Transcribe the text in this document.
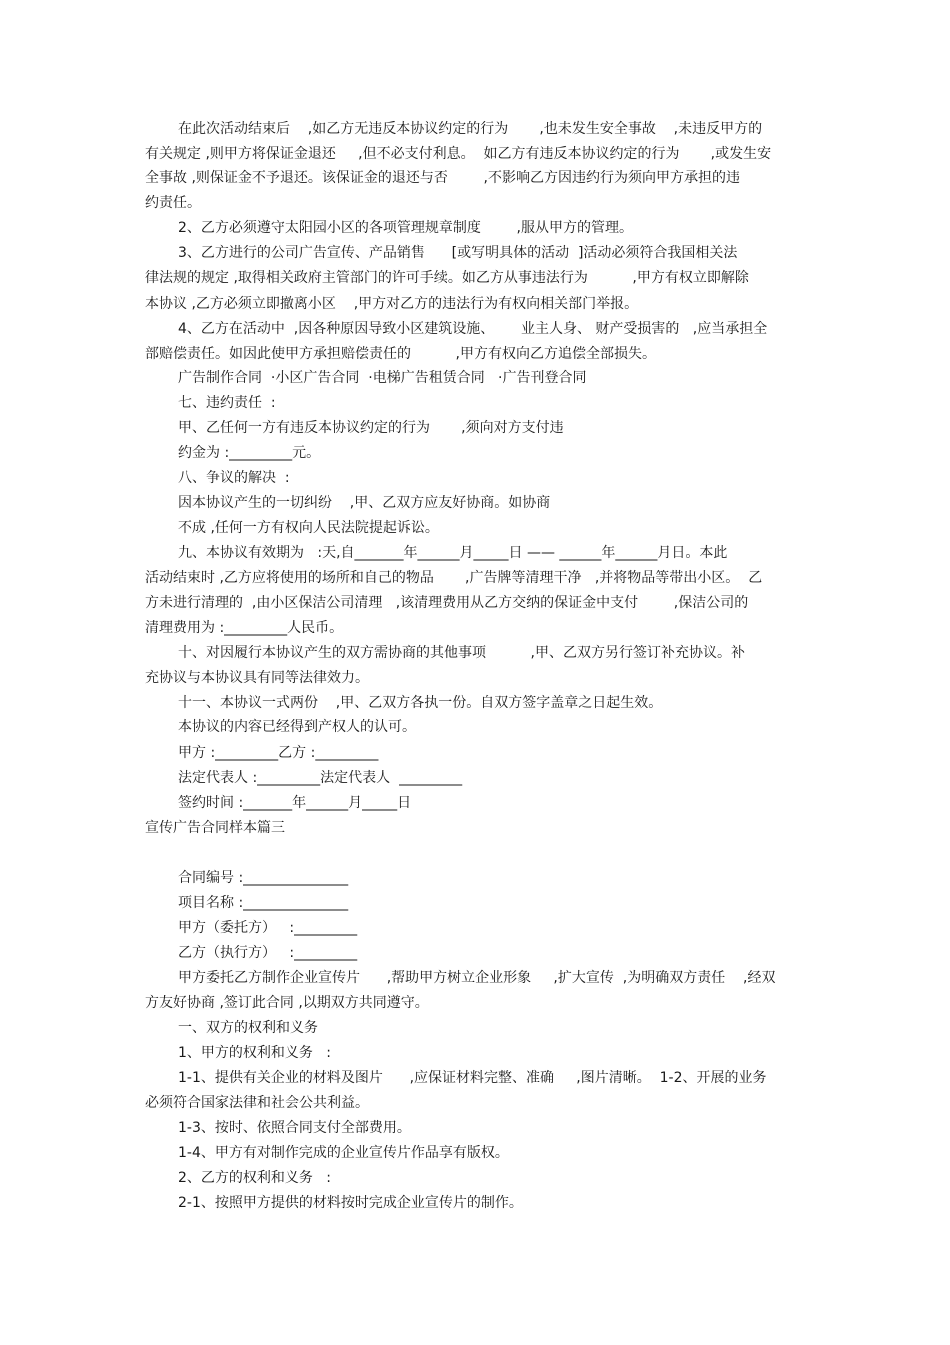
在此次活动结束后    ,如乙方无违反本协议约定的行为       ,也未发生安全事故    ,未违反甲方的

有关规定 ,则甲方将保证金退还     ,但不必支付利息。  如乙方有违反本协议约定的行为       ,或发生安

全事故 ,则保证金不予退还。该保证金的退还与否        ,不影响乙方因违约行为须向甲方承担的违

约责任。

2、乙方必须遵守太阳园小区的各项管理规章制度        ,服从甲方的管理。

3、乙方进行的公司广告宣传、产品销售      [或写明具体的活动  ]活动必须符合我国相关法

律法规的规定 ,取得相关政府主管部门的许可手续。如乙方从事违法行为          ,甲方有权立即解除

本协议 ,乙方必须立即撤离小区    ,甲方对乙方的违法行为有权向相关部门举报。

4、乙方在活动中  ,因各种原因导致小区建筑设施、      业主人身、 财产受损害的   ,应当承担全

部赔偿责任。如因此使甲方承担赔偿责任的          ,甲方有权向乙方追偿全部损失。

广告制作合同  ·小区广告合同  ·电梯广告租赁合同   ·广告刊登合同

七、违约责任  :

甲、乙任何一方有违反本协议约定的行为       ,须向对方支付违

约金为 :_________元。

八、争议的解决  :

因本协议产生的一切纠纷    ,甲、乙双方应友好协商。如协商

不成 ,任何一方有权向人民法院提起诉讼。

九、本协议有效期为   :天,自_______年______月_____日 —— ______年______月日。本此

活动结束时 ,乙方应将使用的场所和自己的物品       ,广告牌等清理干净   ,并将物品等带出小区。  乙

方未进行清理的  ,由小区保洁公司清理   ,该清理费用从乙方交纳的保证金中支付        ,保洁公司的

清理费用为 :_________人民币。

十、对因履行本协议产生的双方需协商的其他事项          ,甲、乙双方另行签订补充协议。补

充协议与本协议具有同等法律效力。

十一、本协议一式两份    ,甲、乙双方各执一份。自双方签字盖章之日起生效。

本协议的内容已经得到产权人的认可。

甲方 :_________乙方 :_________

法定代表人 :_________法定代表人  _________

签约时间 :_______年______月_____日

宣传广告合同样本篇三

合同编号 :_______________

项目名称 :_______________

甲方（委托方）   :_________

乙方（执行方）   :_________

甲方委托乙方制作企业宣传片      ,帮助甲方树立企业形象     ,扩大宣传  ,为明确双方责任    ,经双

方友好协商 ,签订此合同 ,以期双方共同遵守。

一、双方的权利和义务

1、甲方的权利和义务   :

1-1、提供有关企业的材料及图片      ,应保证材料完整、准确     ,图片清晰。  1-2、开展的业务

必须符合国家法律和社会公共利益。

1-3、按时、依照合同支付全部费用。

1-4、甲方有对制作完成的企业宣传片作品享有版权。

2、乙方的权利和义务   :

2-1、按照甲方提供的材料按时完成企业宣传片的制作。
